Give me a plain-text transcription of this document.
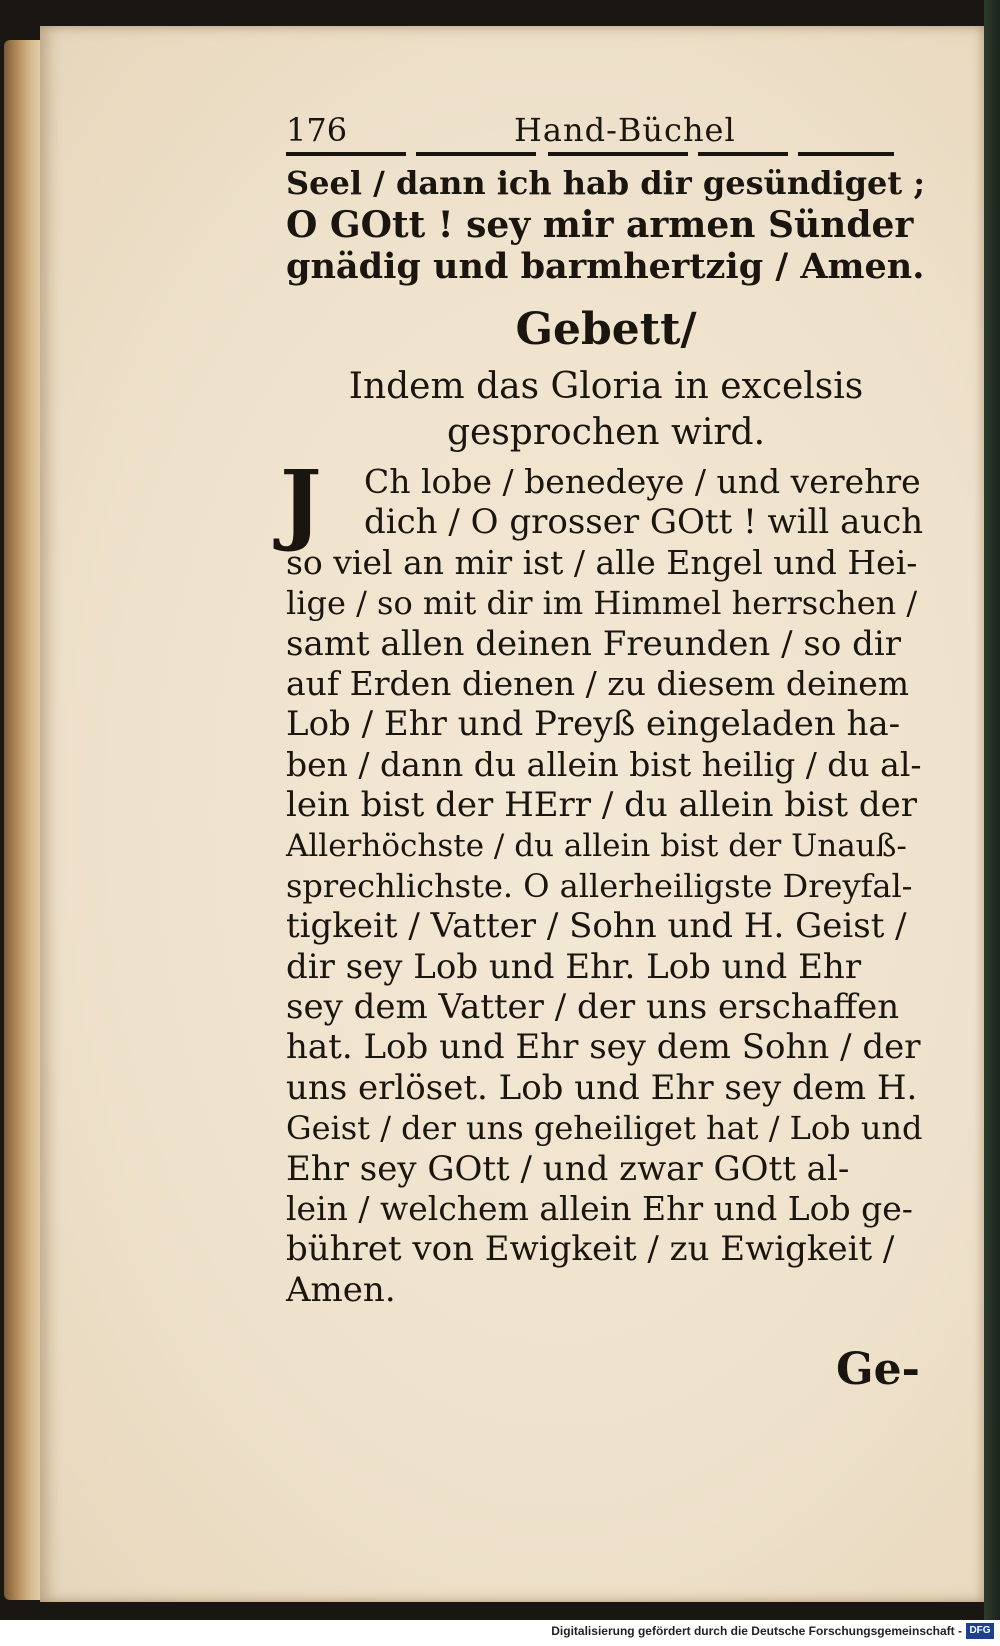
176	Hand-Büchel
Seel / dann ich hab dir gesündiget ;
O GOtt ! sey mir armen Sünder
gnädig und barmhertzig / Amen.
Gebett/
Indem das Gloria in excelsis
gesprochen wird.
J	Ch lobe / benedeye / und verehre
dich / O grosser GOtt ! will auch
so viel an mir ist / alle Engel und Hei-
lige / so mit dir im Himmel herrschen /
samt allen deinen Freunden / so dir
auf Erden dienen / zu diesem deinem
Lob / Ehr und Preyß eingeladen ha-
ben / dann du allein bist heilig / du al-
lein bist der HErr / du allein bist der
Allerhöchste / du allein bist der Unauß-
sprechlichste. O allerheiligste Dreyfal-
tigkeit / Vatter / Sohn und H. Geist /
dir sey Lob und Ehr. Lob und Ehr
sey dem Vatter / der uns erschaffen
hat. Lob und Ehr sey dem Sohn / der
uns erlöset. Lob und Ehr sey dem H.
Geist / der uns geheiliget hat / Lob und
Ehr sey GOtt / und zwar GOtt al-
lein / welchem allein Ehr und Lob ge-
bühret von Ewigkeit / zu Ewigkeit /
Amen.
Ge-
Digitalisierung gefördert durch die Deutsche Forschungsgemeinschaft - DFG
